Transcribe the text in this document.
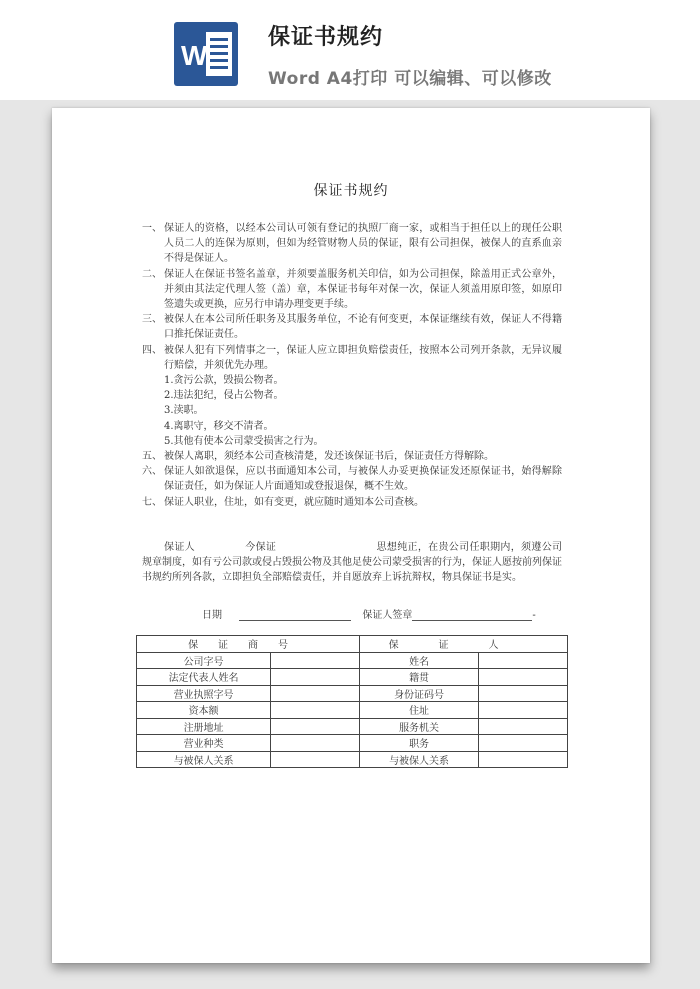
W
保证书规约
Word A4打印 可以编辑、可以修改
保证书规约
一、 保证人的资格，以经本公司认可领有登记的执照厂商一家，或相当于担任以上的现任公职人员二人的连保为原则，但如为经管财物人员的保证，限有公司担保，被保人的直系血亲不得是保证人。
二、 保证人在保证书签名盖章，并须要盖服务机关印信，如为公司担保，除盖用正式公章外，并须由其法定代理人签（盖）章，本保证书每年对保一次，保证人须盖用原印签，如原印签遗失或更换，应另行申请办理变更手续。
三、 被保人在本公司所任职务及其服务单位，不论有何变更，本保证继续有效，保证人不得籍口推托保证责任。
四、 被保人犯有下列情事之一，保证人应立即担负赔偿责任，按照本公司列开条款，无异议履行赔偿，并须优先办理。
1.贪污公款，毁损公物者。
2.违法犯纪，侵占公物者。
3.渎职。
4.离职守，移交不清者。
5.其他有使本公司蒙受损害之行为。
五、 被保人离职，须经本公司查核清楚，发还该保证书后，保证责任方得解除。
六、 保证人如欲退保，应以书面通知本公司，与被保人办妥更换保证发还原保证书，始得解除保证责任，如为保证人片面通知或登报退保，概不生效。
七、 保证人职业，住址，如有变更，就应随时通知本公司查核。
保证人	今保证	思想纯正，在贵公司任职期内，须遵公司规章制度，如有亏公司款或侵占毁损公物及其他足使公司蒙受损害的行为，保证人愿按前列保证书规约所列各款，立即担负全部赔偿责任，并自愿放弃上诉抗辩权，物具保证书是实。
日期	保证人签章	-
保证商号		保证人	
公司字号		姓名	
法定代表人姓名		籍贯	
营业执照字号		身份证码号	
资本额		住址	
注册地址		服务机关	
营业种类		职务	
与被保人关系		与被保人关系	
